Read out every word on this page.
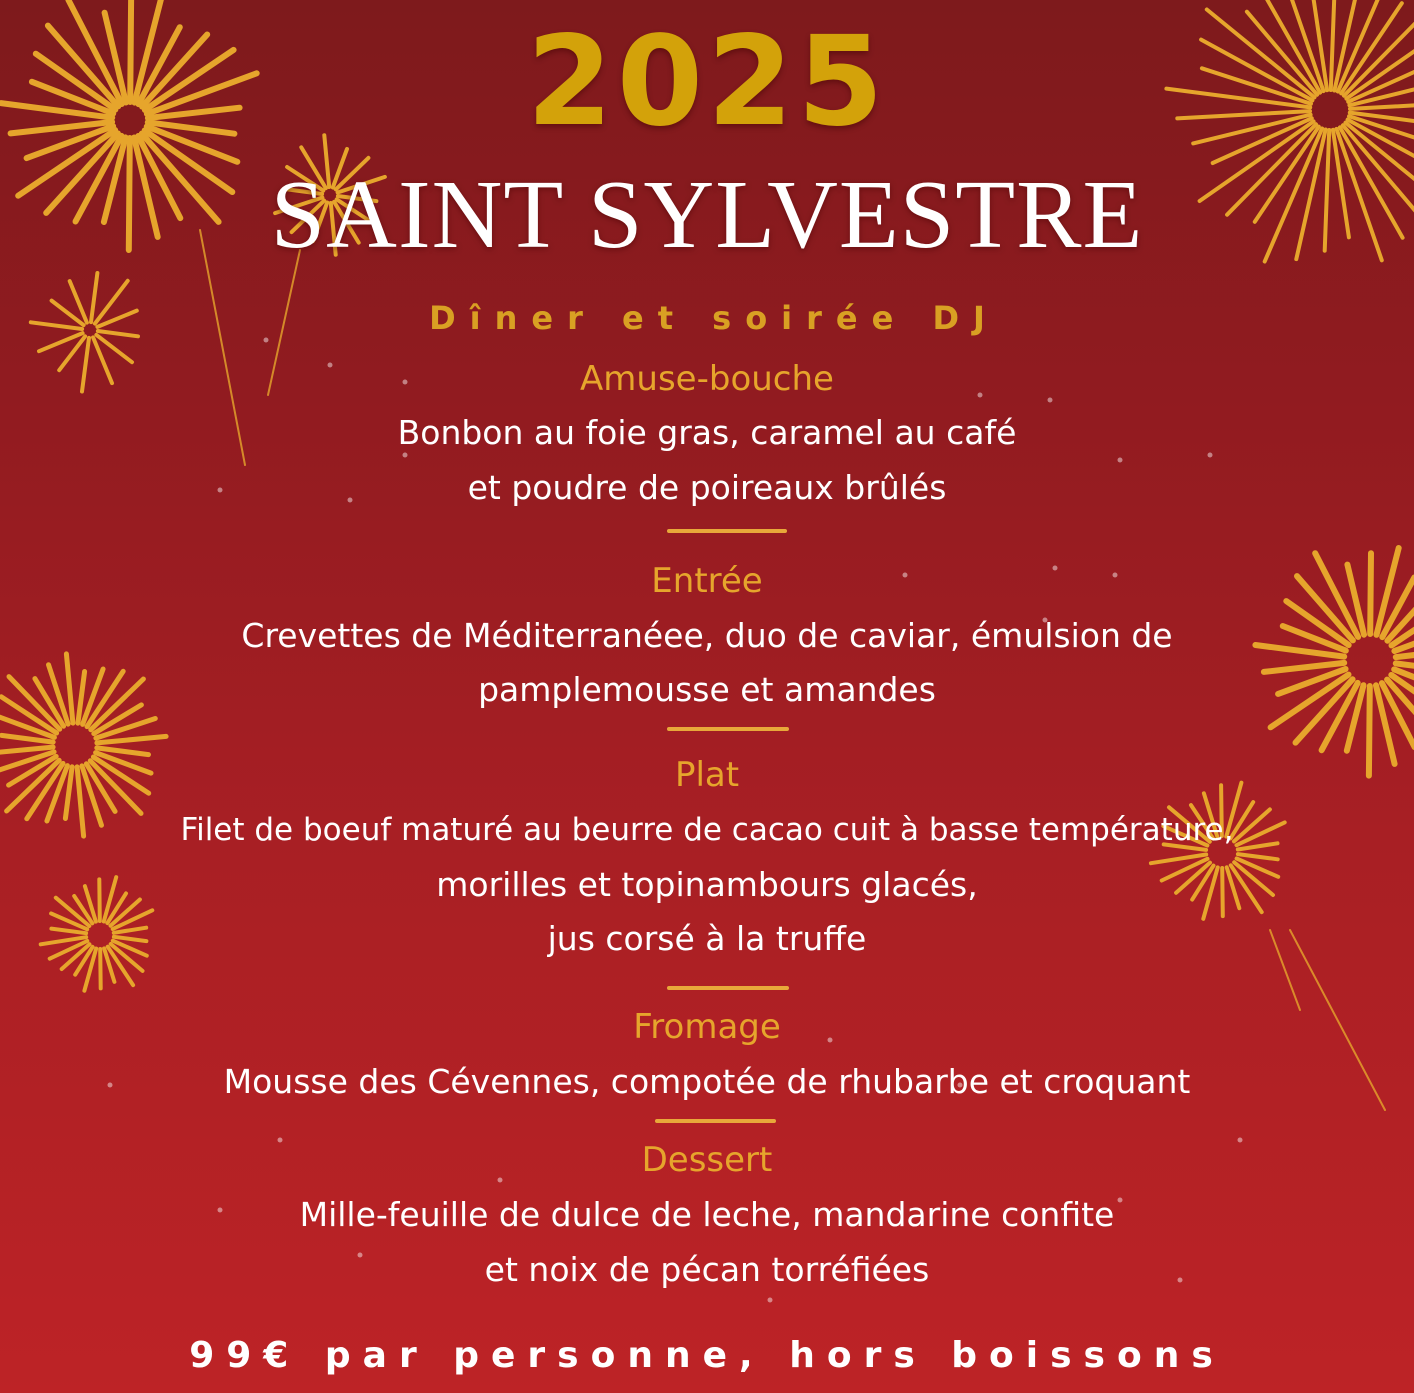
2025
SAINT SYLVESTRE
Dîner et soirée DJ
Amuse-bouche
Bonbon au foie gras, caramel au café
et poudre de poireaux brûlés
Entrée
Crevettes de Méditerranéee, duo de caviar, émulsion de
pamplemousse et amandes
Plat
Filet de boeuf maturé au beurre de cacao cuit à basse température,
morilles et topinambours glacés,
jus corsé à la truffe
Fromage
Mousse des Cévennes, compotée de rhubarbe et croquant
Dessert
Mille-feuille de dulce de leche, mandarine confite
et noix de pécan torréfiées
99€ par personne, hors boissons
